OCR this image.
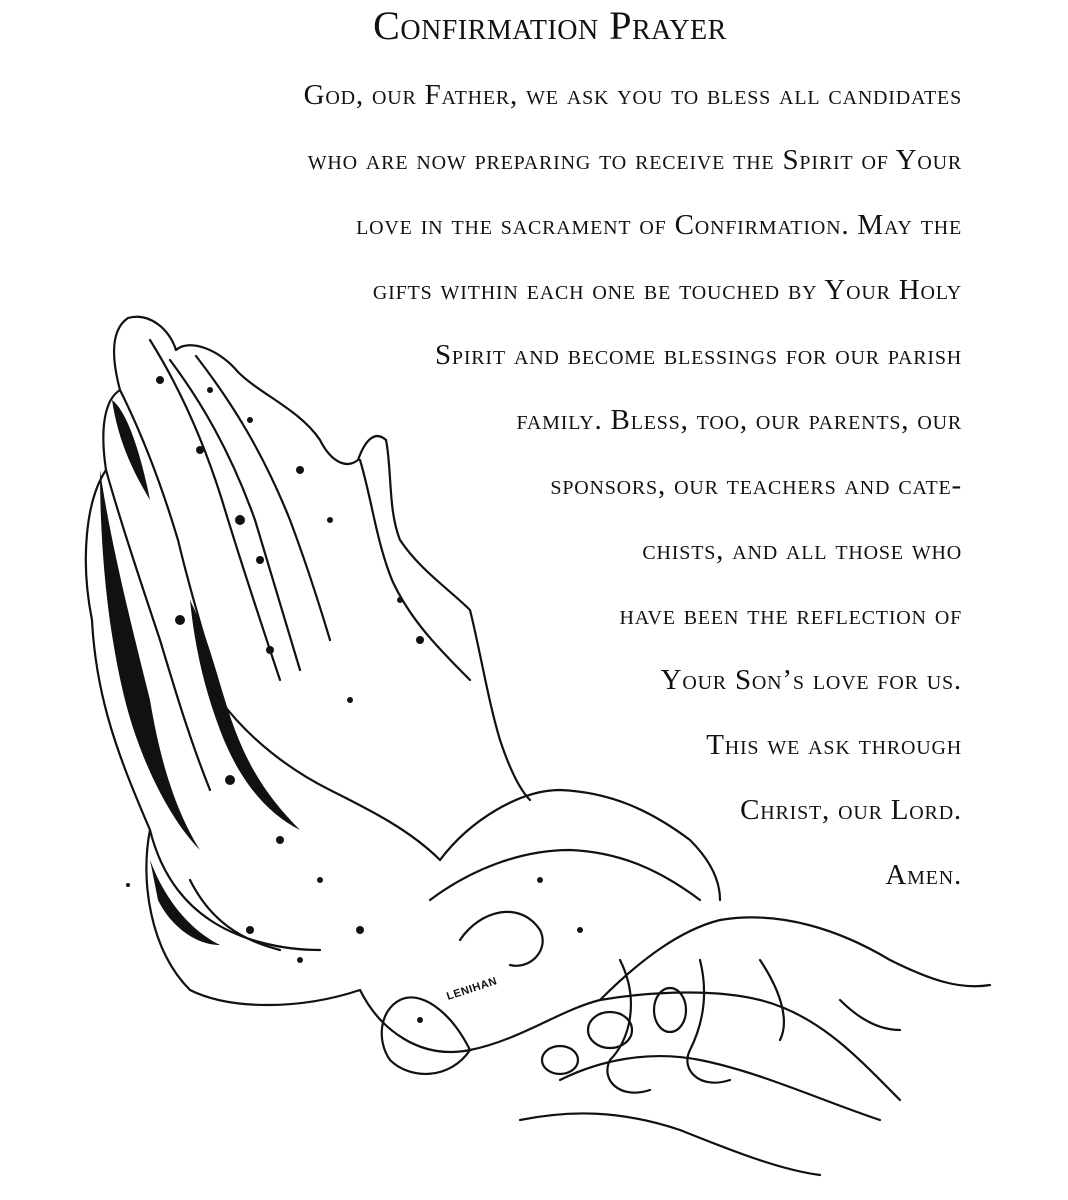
LENIHAN
Confirmation Prayer
God, our Father, we ask you to bless all candidates
who are now preparing to receive the Spirit of Your
love in the sacrament of Confirmation. May the
gifts within each one be touched by Your Holy
Spirit and become blessings for our parish
family. Bless, too, our parents, our
sponsors, our teachers and cate-
chists, and all those who
have been the reflection of
Your Son’s love for us.
This we ask through
Christ, our Lord.
Amen.
